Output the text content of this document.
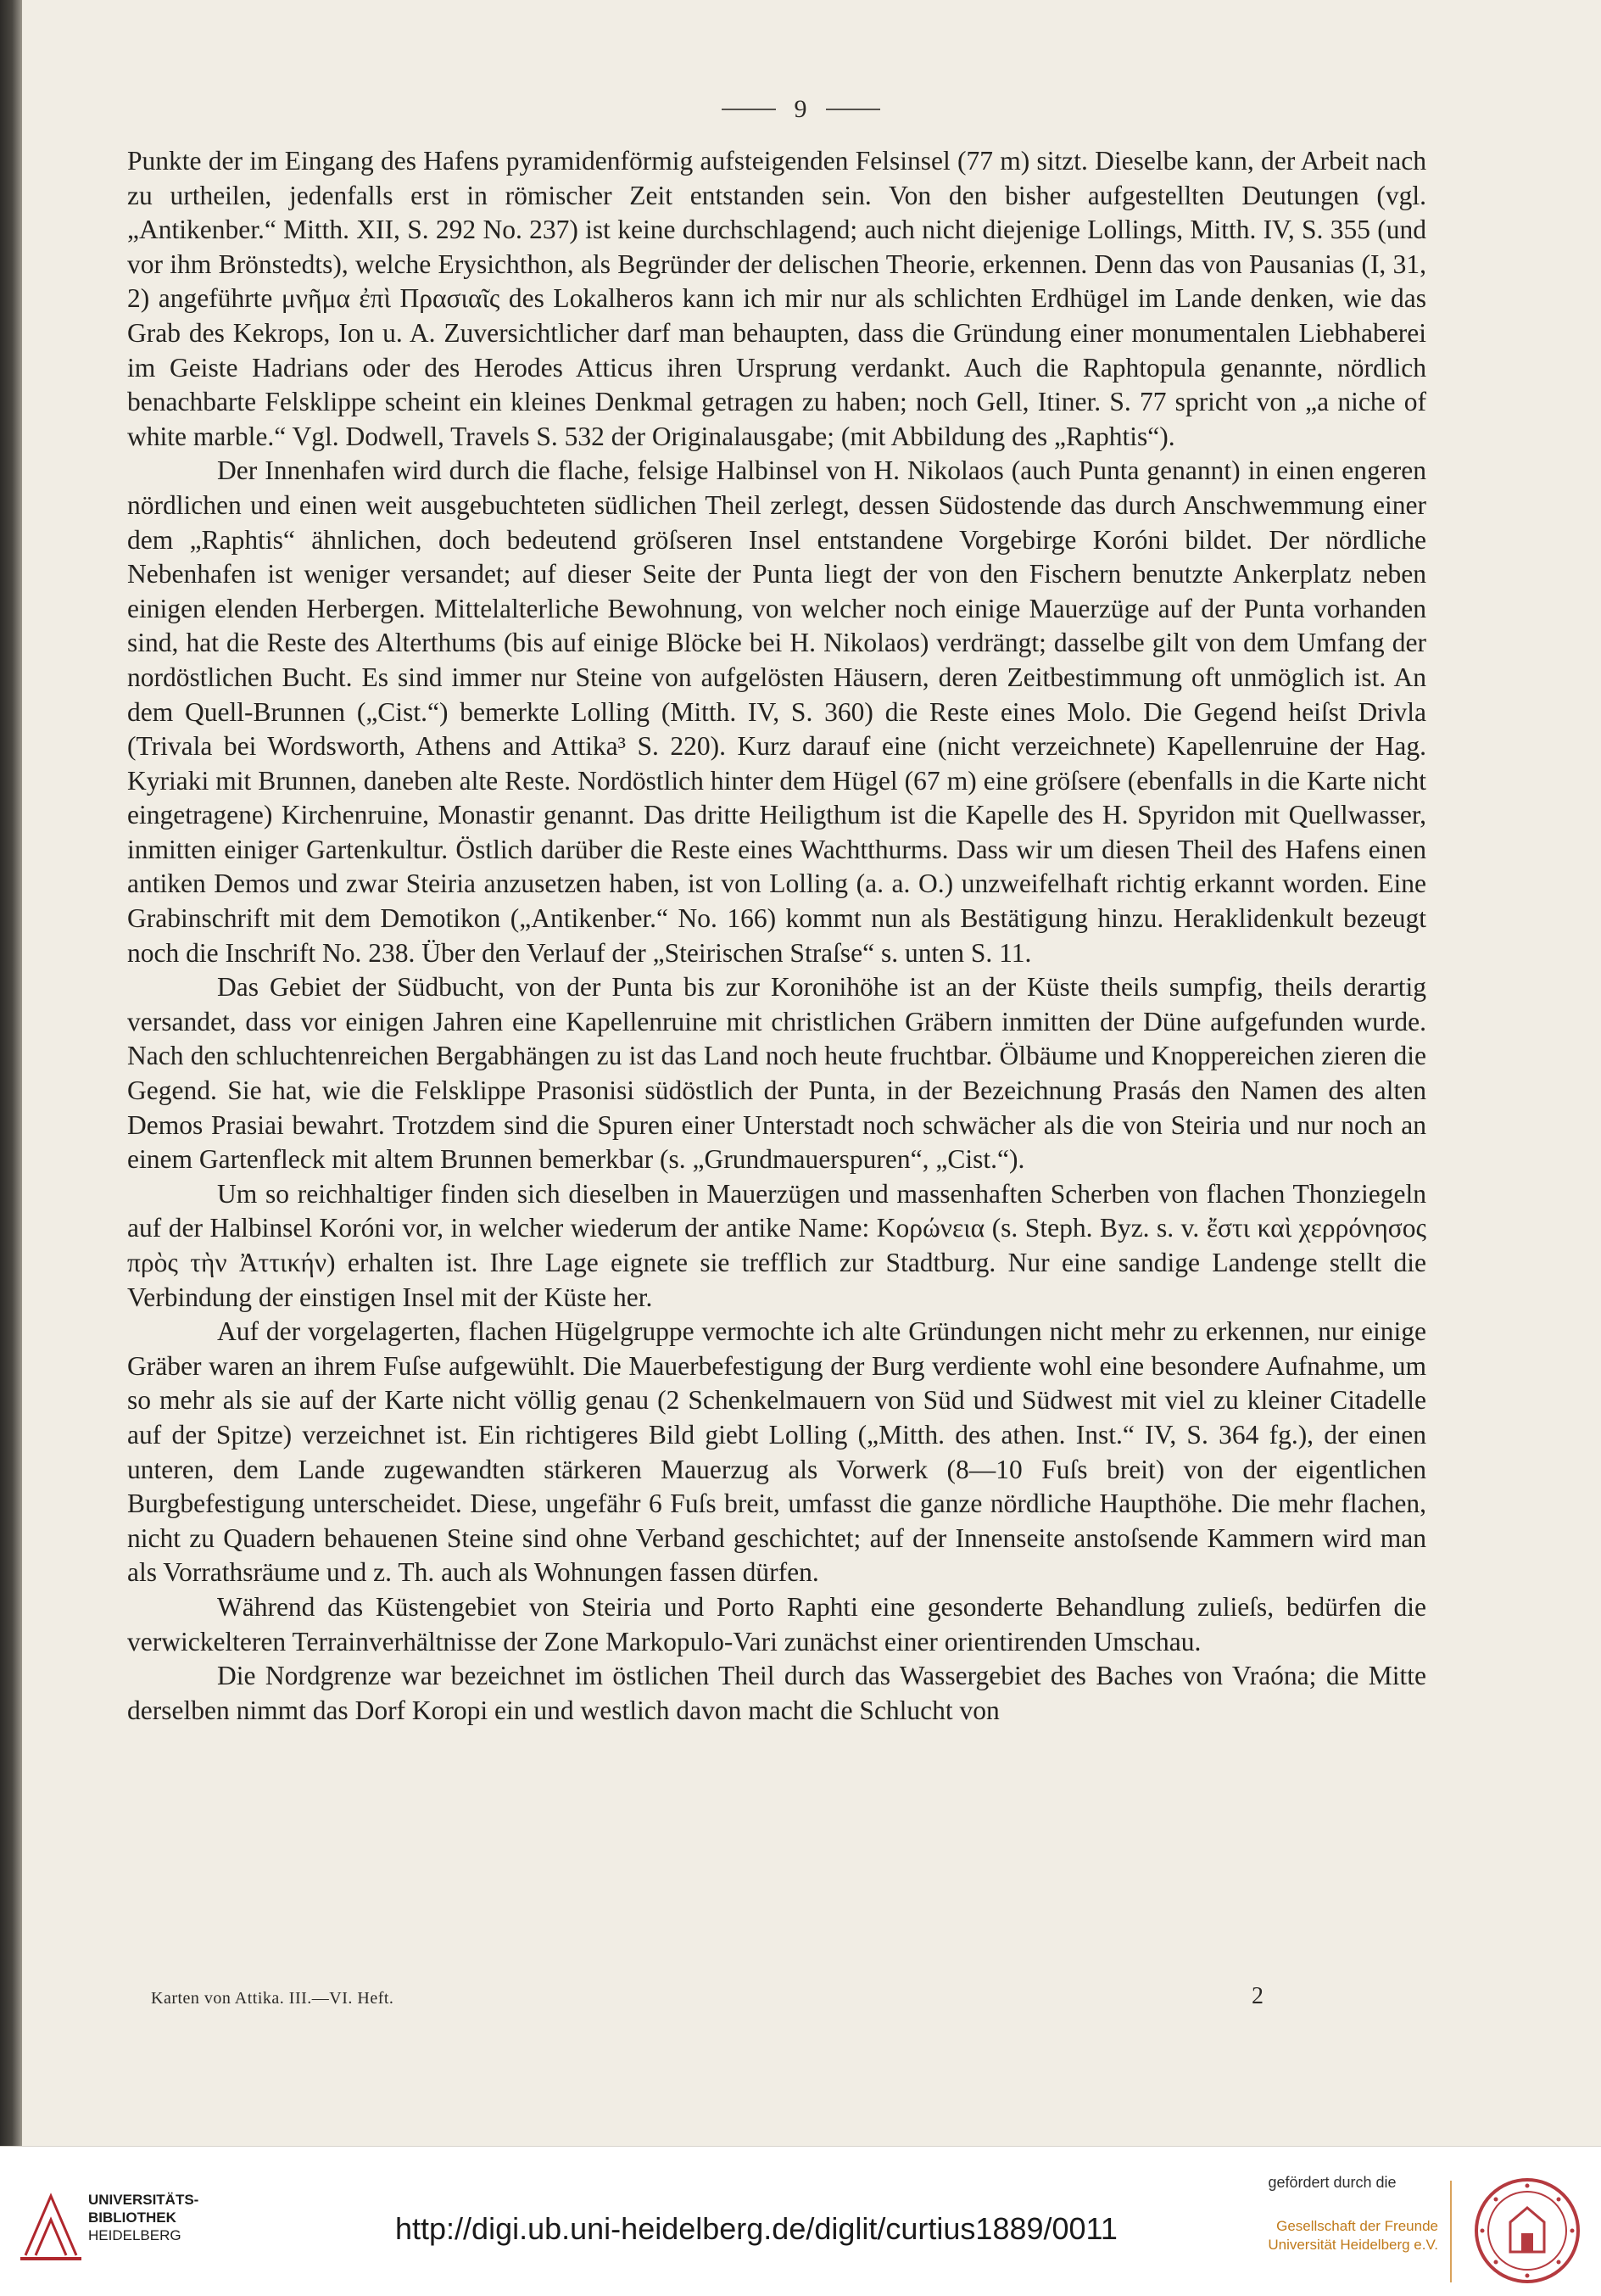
9

Punkte der im Eingang des Hafens pyramidenförmig aufsteigenden Felsinsel (77 m) sitzt. Dieselbe kann, der Arbeit nach zu urtheilen, jedenfalls erst in römischer Zeit entstanden sein. Von den bisher aufgestellten Deutungen (vgl. „Antikenber.“ Mitth. XII, S. 292 No. 237) ist keine durchschlagend; auch nicht diejenige Lollings, Mitth. IV, S. 355 (und vor ihm Brönstedts), welche Erysichthon, als Begründer der delischen Theorie, erkennen. Denn das von Pausanias (I, 31, 2) angeführte μνῆμα ἐπὶ Πρασιαῖς des Lokalheros kann ich mir nur als schlichten Erdhügel im Lande denken, wie das Grab des Kekrops, Ion u. A. Zuversichtlicher darf man behaupten, dass die Gründung einer monumentalen Liebhaberei im Geiste Hadrians oder des Herodes Atticus ihren Ursprung verdankt. Auch die Raphtopula genannte, nördlich benachbarte Felsklippe scheint ein kleines Denkmal getragen zu haben; noch Gell, Itiner. S. 77 spricht von „a niche of white marble.“ Vgl. Dodwell, Travels S. 532 der Originalausgabe; (mit Abbildung des „Raphtis“).

Der Innenhafen wird durch die flache, felsige Halbinsel von H. Nikolaos (auch Punta genannt) in einen engeren nördlichen und einen weit ausgebuchteten südlichen Theil zerlegt, dessen Südostende das durch Anschwemmung einer dem „Raphtis“ ähnlichen, doch bedeutend gröſseren Insel entstandene Vorgebirge Koróni bildet. Der nördliche Nebenhafen ist weniger versandet; auf dieser Seite der Punta liegt der von den Fischern benutzte Ankerplatz neben einigen elenden Herbergen. Mittelalterliche Bewohnung, von welcher noch einige Mauerzüge auf der Punta vorhanden sind, hat die Reste des Alterthums (bis auf einige Blöcke bei H. Nikolaos) verdrängt; dasselbe gilt von dem Umfang der nordöstlichen Bucht. Es sind immer nur Steine von aufgelösten Häusern, deren Zeitbestimmung oft unmöglich ist. An dem Quell-Brunnen („Cist.“) bemerkte Lolling (Mitth. IV, S. 360) die Reste eines Molo. Die Gegend heiſst Drivla (Trivala bei Wordsworth, Athens and Attika³ S. 220). Kurz darauf eine (nicht verzeichnete) Kapellenruine der Hag. Kyriaki mit Brunnen, daneben alte Reste. Nordöstlich hinter dem Hügel (67 m) eine gröſsere (ebenfalls in die Karte nicht eingetragene) Kirchenruine, Monastir genannt. Das dritte Heiligthum ist die Kapelle des H. Spyridon mit Quellwasser, inmitten einiger Gartenkultur. Östlich darüber die Reste eines Wachtthurms. Dass wir um diesen Theil des Hafens einen antiken Demos und zwar Steiria anzusetzen haben, ist von Lolling (a. a. O.) unzweifelhaft richtig erkannt worden. Eine Grabinschrift mit dem Demotikon („Antikenber.“ No. 166) kommt nun als Bestätigung hinzu. Heraklidenkult bezeugt noch die Inschrift No. 238. Über den Verlauf der „Steirischen Straſse“ s. unten S. 11.

Das Gebiet der Südbucht, von der Punta bis zur Koronihöhe ist an der Küste theils sumpfig, theils derartig versandet, dass vor einigen Jahren eine Kapellenruine mit christlichen Gräbern inmitten der Düne aufgefunden wurde. Nach den schluchtenreichen Bergabhängen zu ist das Land noch heute fruchtbar. Ölbäume und Knoppereichen zieren die Gegend. Sie hat, wie die Felsklippe Prasonisi südöstlich der Punta, in der Bezeichnung Prasás den Namen des alten Demos Prasiai bewahrt. Trotzdem sind die Spuren einer Unterstadt noch schwächer als die von Steiria und nur noch an einem Gartenfleck mit altem Brunnen bemerkbar (s. „Grundmauerspuren“, „Cist.“).

Um so reichhaltiger finden sich dieselben in Mauerzügen und massenhaften Scherben von flachen Thonziegeln auf der Halbinsel Koróni vor, in welcher wiederum der antike Name: Κορώνεια (s. Steph. Byz. s. v. ἔστι καὶ χερρόνησος πρὸς τὴν Ἀττικήν) erhalten ist. Ihre Lage eignete sie trefflich zur Stadtburg. Nur eine sandige Landenge stellt die Verbindung der einstigen Insel mit der Küste her.

Auf der vorgelagerten, flachen Hügelgruppe vermochte ich alte Gründungen nicht mehr zu erkennen, nur einige Gräber waren an ihrem Fuſse aufgewühlt. Die Mauerbefestigung der Burg verdiente wohl eine besondere Aufnahme, um so mehr als sie auf der Karte nicht völlig genau (2 Schenkelmauern von Süd und Südwest mit viel zu kleiner Citadelle auf der Spitze) verzeichnet ist. Ein richtigeres Bild giebt Lolling („Mitth. des athen. Inst.“ IV, S. 364 fg.), der einen unteren, dem Lande zugewandten stärkeren Mauerzug als Vorwerk (8—10 Fuſs breit) von der eigentlichen Burgbefestigung unterscheidet. Diese, ungefähr 6 Fuſs breit, umfasst die ganze nördliche Haupthöhe. Die mehr flachen, nicht zu Quadern behauenen Steine sind ohne Verband geschichtet; auf der Innenseite anstoſsende Kammern wird man als Vorrathsräume und z. Th. auch als Wohnungen fassen dürfen.

Während das Küstengebiet von Steiria und Porto Raphti eine gesonderte Behandlung zulieſs, bedürfen die verwickelteren Terrainverhältnisse der Zone Markopulo-Vari zunächst einer orientirenden Umschau.

Die Nordgrenze war bezeichnet im östlichen Theil durch das Wassergebiet des Baches von Vraóna; die Mitte derselben nimmt das Dorf Koropi ein und westlich davon macht die Schlucht von

Karten von Attika. III.—VI. Heft.	2
UNIVERSITÄTS-
BIBLIOTHEK
HEIDELBERG	http://digi.ub.uni-heidelberg.de/diglit/curtius1889/0011
gefördert durch die
Gesellschaft der Freunde
Universität Heidelberg e.V.
